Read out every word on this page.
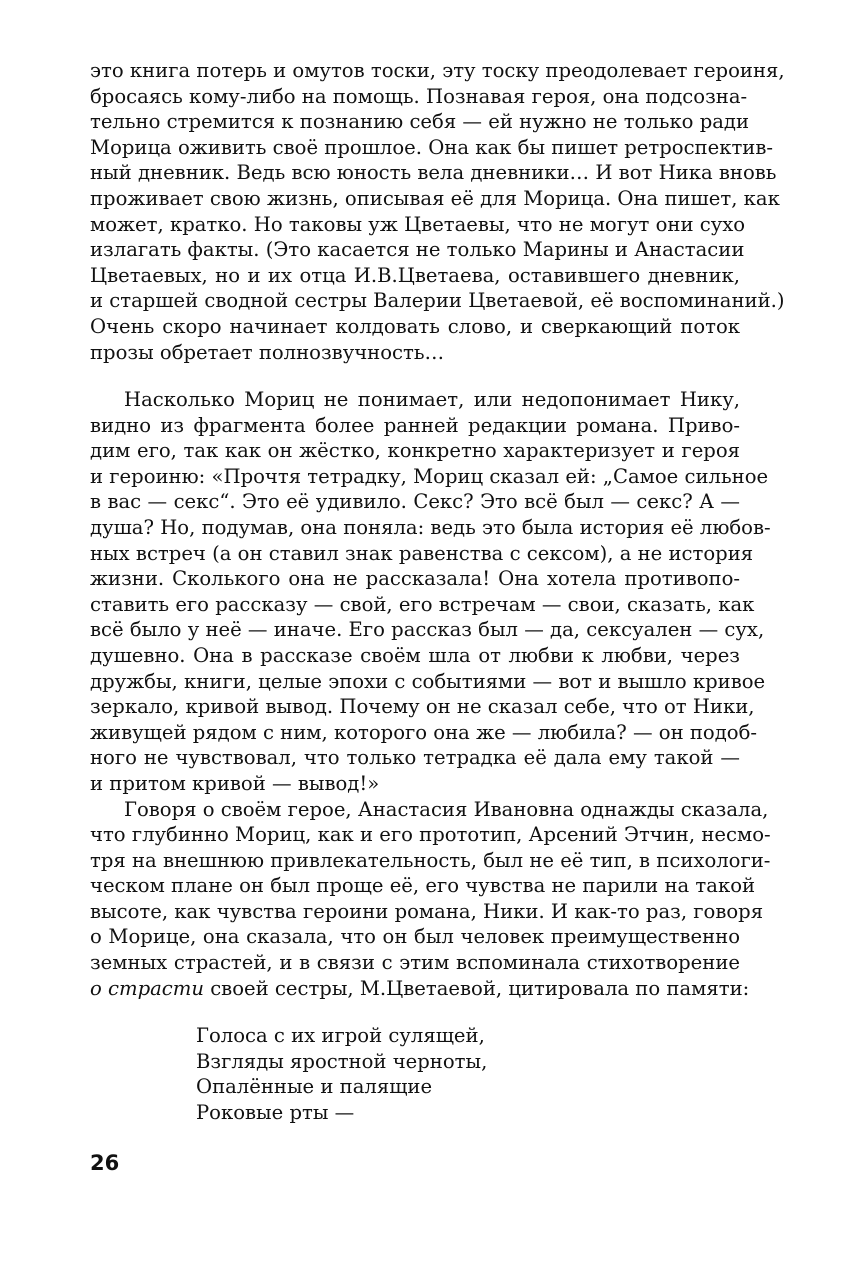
это книга потерь и омутов тоски, эту тоску преодолевает героиня,
бросаясь кому-либо на помощь. Познавая героя, она подсозна-
тельно стремится к познанию себя — ей нужно не только ради
Морица оживить своё прошлое. Она как бы пишет ретроспектив-
ный дневник. Ведь всю юность вела дневники… И вот Ника вновь
проживает свою жизнь, описывая её для Морица. Она пишет, как
может, кратко. Но таковы уж Цветаевы, что не могут они сухо
излагать факты. (Это касается не только Марины и Анастасии
Цветаевых, но и их отца И.В.Цветаева, оставившего дневник,
и старшей сводной сестры Валерии Цветаевой, её воспоминаний.)
Очень скоро начинает колдовать слово, и сверкающий поток
прозы обретает полнозвучность…
Насколько Мориц не понимает, или недопонимает Нику,
видно из фрагмента более ранней редакции романа. Приво-
дим его, так как он жёстко, конкретно характеризует и героя
и героиню: «Прочтя тетрадку, Мориц сказал ей: „Самое сильное
в вас — секс“. Это её удивило. Секс? Это всё был — секс? А —
душа? Но, подумав, она поняла: ведь это была история её любов-
ных встреч (а он ставил знак равенства с сексом), а не история
жизни. Сколького она не рассказала! Она хотела противопо-
ставить его рассказу — свой, его встречам — свои, сказать, как
всё было у неё — иначе. Его рассказ был — да, сексуален — сух,
душевно. Она в рассказе своём шла от любви к любви, через
дружбы, книги, целые эпохи с событиями — вот и вышло кривое
зеркало, кривой вывод. Почему он не сказал себе, что от Ники,
живущей рядом с ним, которого она же — любила? — он подоб-
ного не чувствовал, что только тетрадка её дала ему такой —
и притом кривой — вывод!»
Говоря о своём герое, Анастасия Ивановна однажды сказала,
что глубинно Мориц, как и его прототип, Арсений Этчин, несмо-
тря на внешнюю привлекательность, был не её тип, в психологи-
ческом плане он был проще её, его чувства не парили на такой
высоте, как чувства героини романа, Ники. И как-то раз, говоря
о Морице, она сказала, что он был человек преимущественно
земных страстей, и в связи с этим вспоминала стихотворение
о страсти своей сестры, М.Цветаевой, цитировала по памяти:
Голоса с их игрой сулящей,
Взгляды яростной черноты,
Опалённые и палящие
Роковые рты —
26
